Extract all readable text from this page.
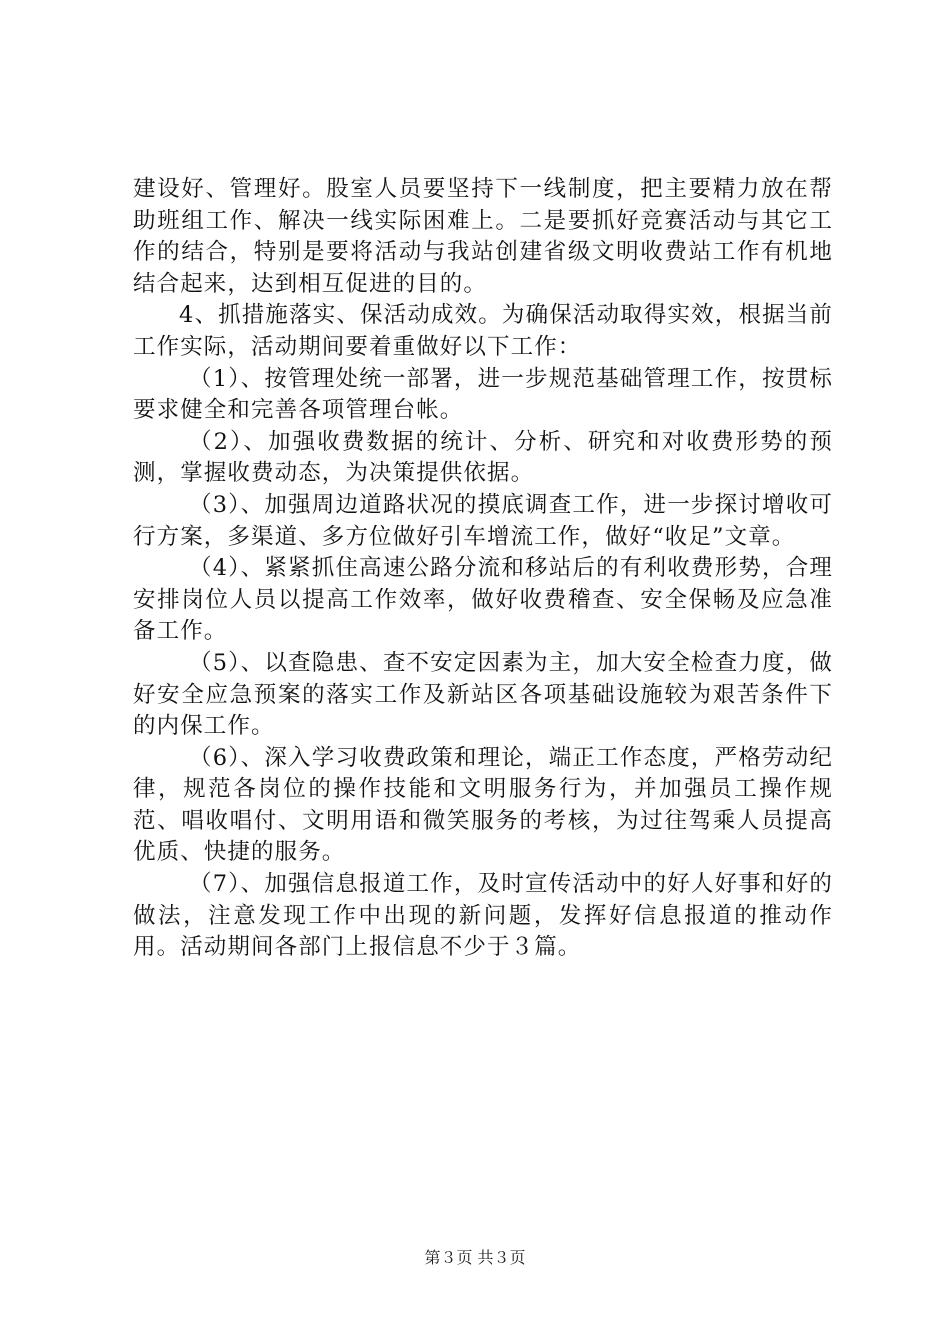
建设好、管理好。股室人员要坚持下一线制度，把主要精力放在帮助班组工作、解决一线实际困难上。二是要抓好竞赛活动与其它工作的结合，特别是要将活动与我站创建省级文明收费站工作有机地结合起来，达到相互促进的目的。

4、抓措施落实、保活动成效。为确保活动取得实效，根据当前工作实际，活动期间要着重做好以下工作：

（1）、按管理处统一部署，进一步规范基础管理工作，按贯标要求健全和完善各项管理台帐。

（2）、加强收费数据的统计、分析、研究和对收费形势的预测，掌握收费动态，为决策提供依据。

（3）、加强周边道路状况的摸底调查工作，进一步探讨增收可行方案，多渠道、多方位做好引车增流工作，做好“收足”文章。

（4）、紧紧抓住高速公路分流和移站后的有利收费形势，合理安排岗位人员以提高工作效率，做好收费稽查、安全保畅及应急准备工作。

（5）、以查隐患、查不安定因素为主，加大安全检查力度，做好安全应急预案的落实工作及新站区各项基础设施较为艰苦条件下的内保工作。

（6）、深入学习收费政策和理论，端正工作态度，严格劳动纪律，规范各岗位的操作技能和文明服务行为，并加强员工操作规范、唱收唱付、文明用语和微笑服务的考核，为过往驾乘人员提高优质、快捷的服务。

（7）、加强信息报道工作，及时宣传活动中的好人好事和好的做法，注意发现工作中出现的新问题，发挥好信息报道的推动作用。活动期间各部门上报信息不少于３篇。

第３页 共３页
